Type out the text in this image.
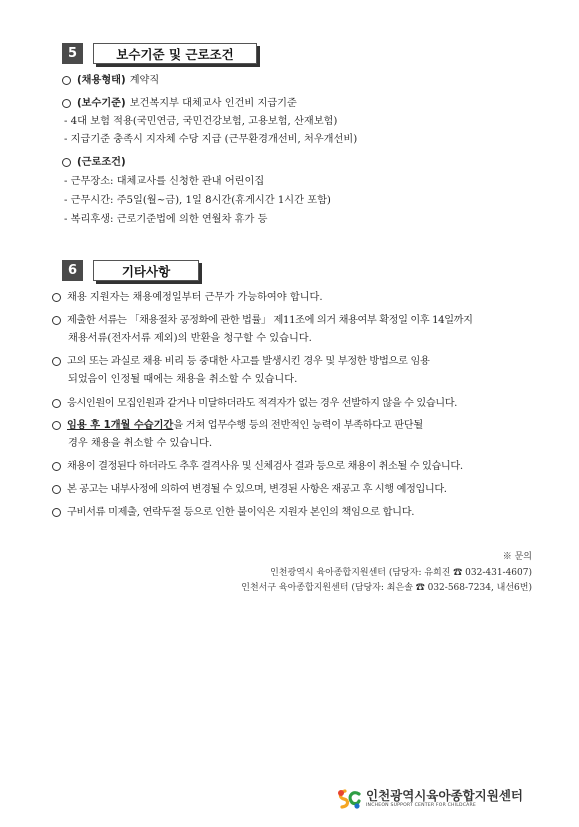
5	보수기준 및 근로조건
(채용형태) 계약직
(보수기준) 보건복지부 대체교사 인건비 지급기준
- 4대 보험 적용(국민연금, 국민건강보험, 고용보험, 산재보험)
- 지급기준 충족시 지자체 수당 지급 (근무환경개선비, 처우개선비)
(근로조건)
- 근무장소: 대체교사를 신청한 관내 어린이집
- 근무시간: 주5일(월~금), 1일 8시간(휴게시간 1시간 포함)
- 복리후생: 근로기준법에 의한 연월차 휴가 등
6	기타사항
채용 지원자는 채용예정일부터 근무가 가능하여야 합니다.
제출한 서류는 「채용절차 공정화에 관한 법률」 제11조에 의거 채용여부 확정일 이후 14일까지
채용서류(전자서류 제외)의 반환을 청구할 수 있습니다.
고의 또는 과실로 채용 비리 등 중대한 사고를 발생시킨 경우 및 부정한 방법으로 임용
되었음이 인정될 때에는 채용을 취소할 수 있습니다.
응시인원이 모집인원과 같거나 미달하더라도 적격자가 없는 경우 선발하지 않을 수 있습니다.
임용 후 1개월 수습기간 을 거쳐 업무수행 등의 전반적인 능력이 부족하다고 판단될
경우 채용을 취소할 수 있습니다.
채용이 결정된다 하더라도 추후 결격사유 및 신체검사 결과 등으로 채용이 취소될 수 있습니다.
본 공고는 내부사정에 의하여 변경될 수 있으며, 변경된 사항은 재공고 후 시행 예정입니다.
구비서류 미제출, 연락두절 등으로 인한 불이익은 지원자 본인의 책임으로 합니다.
※ 문의
인천광역시 육아종합지원센터 (담당자: 유희진 ☎ 032-431-4607)
인천서구 육아종합지원센터 (담당자: 최은솔 ☎ 032-568-7234, 내선6번)
인천광역시육아종합지원센터
INCHEON SUPPORT CENTER FOR CHILDCARE
